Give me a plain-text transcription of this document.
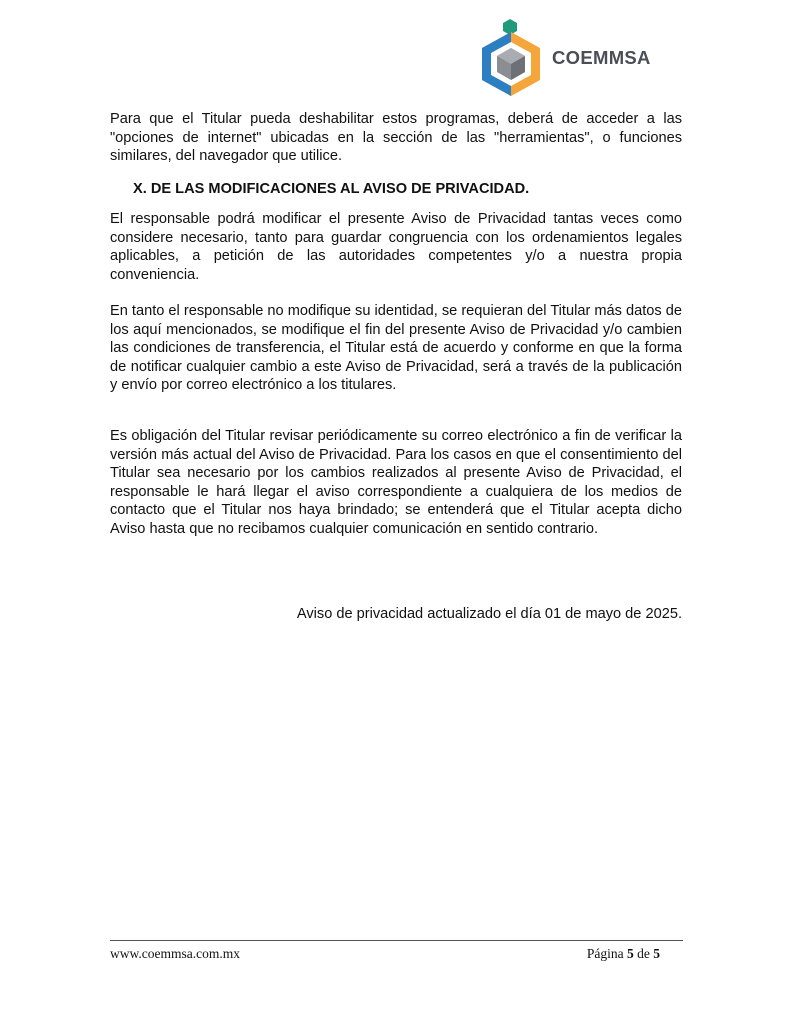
COEMMSA

Para que el Titular pueda deshabilitar estos programas, deberá de acceder a las "opciones de internet" ubicadas en la sección de las "herramientas", o funciones similares, del navegador que utilice.

X. DE LAS MODIFICACIONES AL AVISO DE PRIVACIDAD.

El responsable podrá modificar el presente Aviso de Privacidad tantas veces como considere necesario, tanto para guardar congruencia con los ordenamientos legales aplicables, a petición de las autoridades competentes y/o a nuestra propia conveniencia.

En tanto el responsable no modifique su identidad, se requieran del Titular más datos de los aquí mencionados, se modifique el fin del presente Aviso de Privacidad y/o cambien las condiciones de transferencia, el Titular está de acuerdo y conforme en que la forma de notificar cualquier cambio a este Aviso de Privacidad, será a través de la publicación y envío por correo electrónico a los titulares.

Es obligación del Titular revisar periódicamente su correo electrónico a fin de verificar la versión más actual del Aviso de Privacidad. Para los casos en que el consentimiento del Titular sea necesario por los cambios realizados al presente Aviso de Privacidad, el responsable le hará llegar el aviso correspondiente a cualquiera de los medios de contacto que el Titular nos haya brindado; se entenderá que el Titular acepta dicho Aviso hasta que no recibamos cualquier comunicación en sentido contrario.

Aviso de privacidad actualizado el día 01 de mayo de 2025.

www.coemmsa.com.mx	Página 5 de 5
